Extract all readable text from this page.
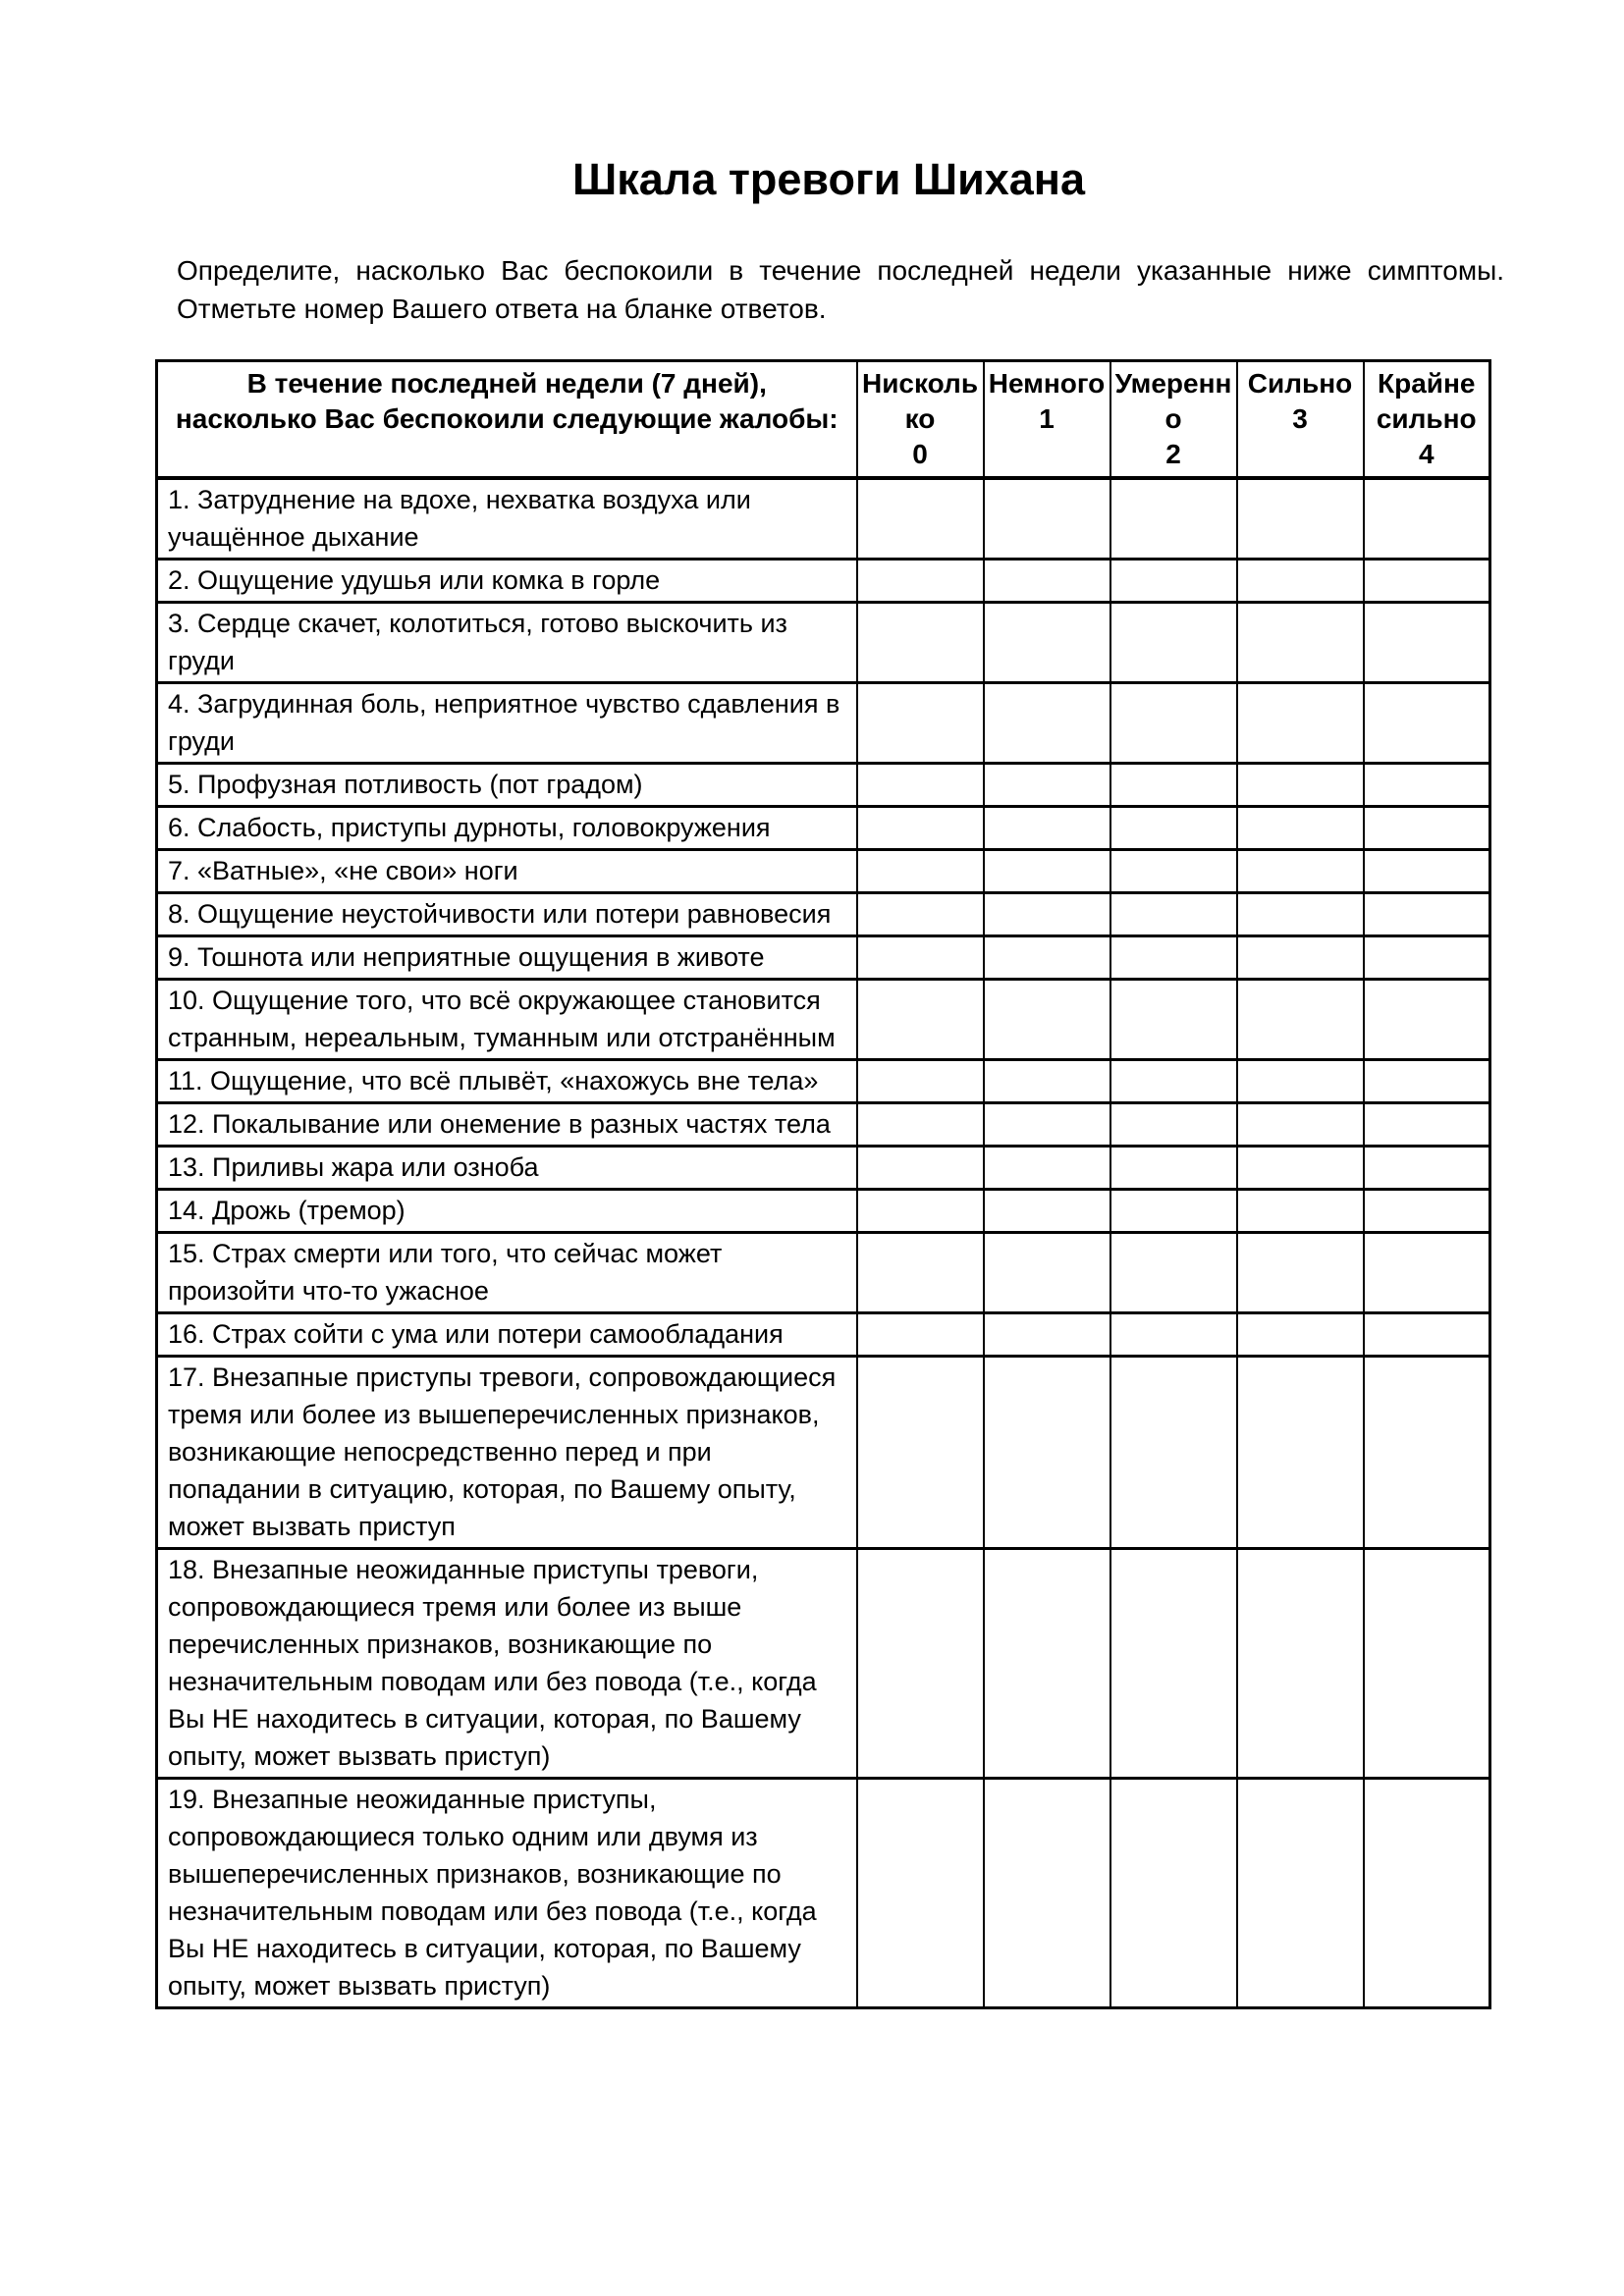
Шкала тревоги Шихана

Определите, насколько Вас беспокоили в течение последней недели указанные ниже симптомы. Отметьте номер Вашего ответа на бланке ответов.

В течение последней недели (7 дней), насколько Вас беспокоили следующие жалобы:	
Нисколько
0

Немного
1

Умеренно
2

Сильно
3

Крайне сильно
4

1. Затруднение на вдохе, нехватка воздуха или учащённое дыхание					
2. Ощущение удушья или комка в горле					
3. Сердце скачет, колотиться, готово выскочить из груди					
4. Загрудинная боль, неприятное чувство сдавления в груди					
5. Профузная потливость (пот градом)					
6. Слабость, приступы дурноты, головокружения					
7. «Ватные», «не свои» ноги					
8. Ощущение неустойчивости или потери равновесия					
9. Тошнота или неприятные ощущения в животе					
10. Ощущение того, что всё окружающее становится странным, нереальным, туманным или отстранённым					
11. Ощущение, что всё плывёт, «нахожусь вне тела»					
12. Покалывание или онемение в разных частях тела					
13. Приливы жара или озноба					
14. Дрожь (тремор)					
15. Страх смерти или того, что сейчас может произойти что-то ужасное					
16. Страх сойти с ума или потери самообладания					
17. Внезапные приступы тревоги, сопровождающиеся тремя или более из вышеперечисленных признаков, возникающие непосредственно перед и при попадании в ситуацию, которая, по Вашему опыту, может вызвать приступ					
18. Внезапные неожиданные приступы тревоги, сопровождающиеся тремя или более из выше перечисленных признаков, возникающие по незначительным поводам или без повода (т.е., когда Вы НЕ находитесь в ситуации, которая, по Вашему опыту, может вызвать приступ)					
19. Внезапные неожиданные приступы, сопровождающиеся только одним или двумя из вышеперечисленных признаков, возникающие по незначительным поводам или без повода (т.е., когда Вы НЕ находитесь в ситуации, которая, по Вашему опыту, может вызвать приступ)					
